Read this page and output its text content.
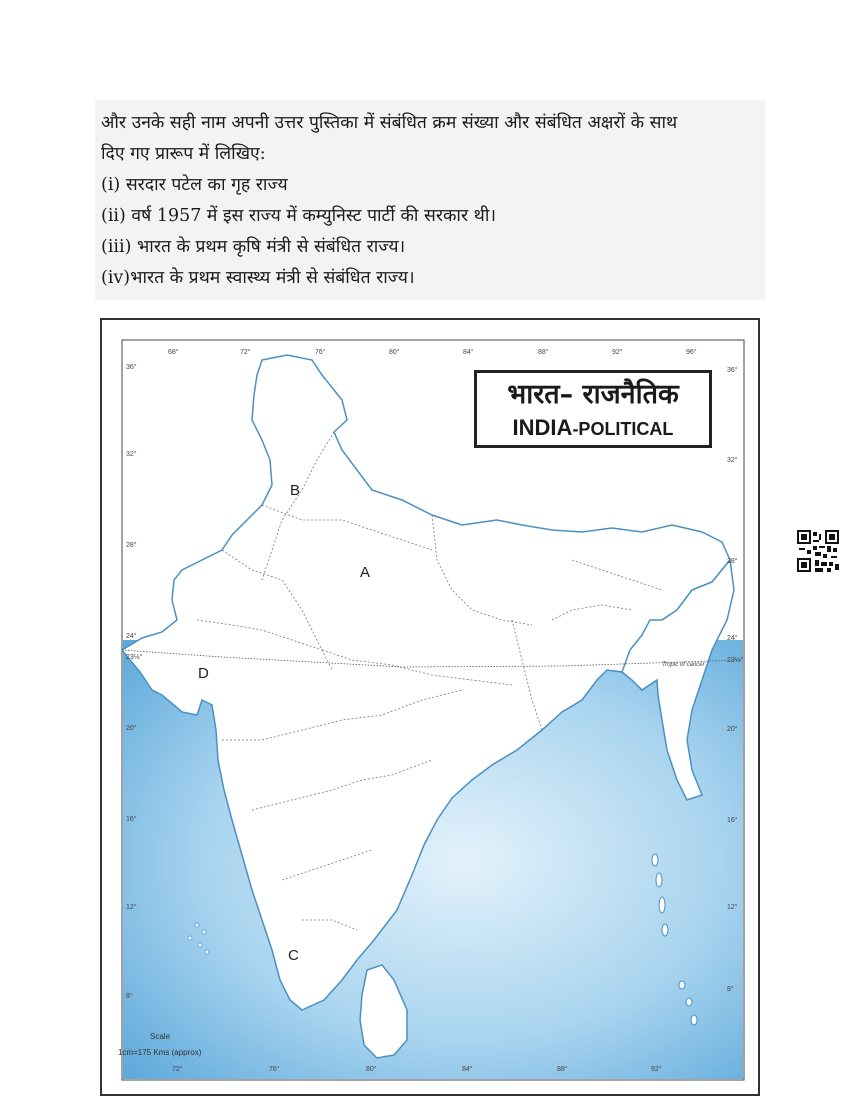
और उनके सही नाम अपनी उत्तर पुस्तिका में संबंधित क्रम संख्या और संबंधित अक्षरों के साथ
दिए गए प्रारूप में लिखिए:
(i) सरदार पटेल का गृह राज्य
(ii) वर्ष 1957 में इस राज्य में कम्युनिस्ट पार्टी की सरकार थी।
(iii) भारत के प्रथम कृषि मंत्री से संबंधित राज्य।
(iv)भारत के प्रथम स्वास्थ्य मंत्री से संबंधित राज्य।
भारत– राजनैतिक
INDIA-POLITICAL
68°	72°	76°	80°	84°	88°	92°	96°
72°	76°	80°	84°	88°	92°
36°
32°
28°
24°
23½°
20°
16°
12°
8°
36°
32°
28°
24°
23½°
20°
16°
12°
8°
Tropic of cancer
A
B
C
D
Scale
1cm=175 Kms (approx)
